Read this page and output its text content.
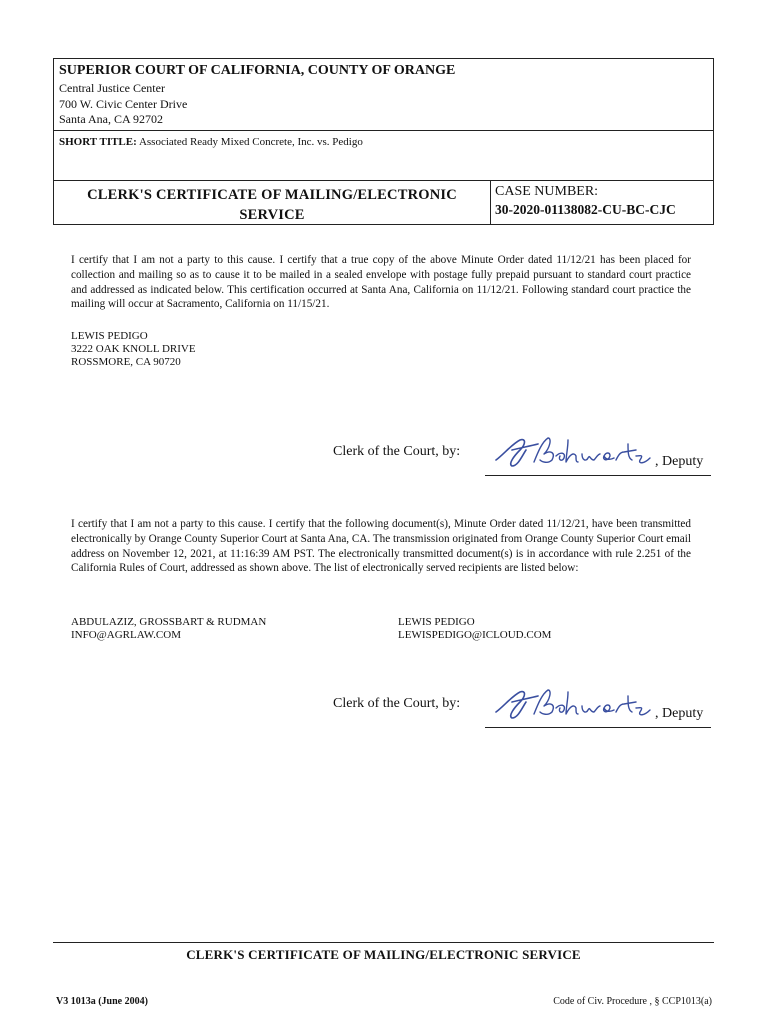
SUPERIOR COURT OF CALIFORNIA, COUNTY OF ORANGE
Central Justice Center
700 W. Civic Center Drive
Santa Ana, CA 92702
SHORT TITLE: Associated Ready Mixed Concrete, Inc. vs. Pedigo
CLERK'S CERTIFICATE OF MAILING/ELECTRONIC SERVICE
CASE NUMBER:
30-2020-01138082-CU-BC-CJC
I certify that I am not a party to this cause. I certify that a true copy of the above Minute Order dated 11/12/21 has been placed for collection and mailing so as to cause it to be mailed in a sealed envelope with postage fully prepaid pursuant to standard court practice and addressed as indicated below. This certification occurred at Santa Ana, California on 11/12/21. Following standard court practice the mailing will occur at Sacramento, California on 11/15/21.
LEWIS PEDIGO
3222 OAK KNOLL DRIVE
ROSSMORE, CA 90720
Clerk of the Court, by:
, Deputy
I certify that I am not a party to this cause. I certify that the following document(s), Minute Order dated 11/12/21, have been transmitted electronically by Orange County Superior Court at Santa Ana, CA. The transmission originated from Orange County Superior Court email address on November 12, 2021, at 11:16:39 AM PST. The electronically transmitted document(s) is in accordance with rule 2.251 of the California Rules of Court, addressed as shown above. The list of electronically served recipients are listed below:
ABDULAZIZ, GROSSBART & RUDMAN
INFO@AGRLAW.COM
LEWIS PEDIGO
LEWISPEDIGO@ICLOUD.COM
Clerk of the Court, by:
, Deputy
CLERK'S CERTIFICATE OF MAILING/ELECTRONIC SERVICE
V3 1013a (June 2004)	Code of Civ. Procedure , § CCP1013(a)
